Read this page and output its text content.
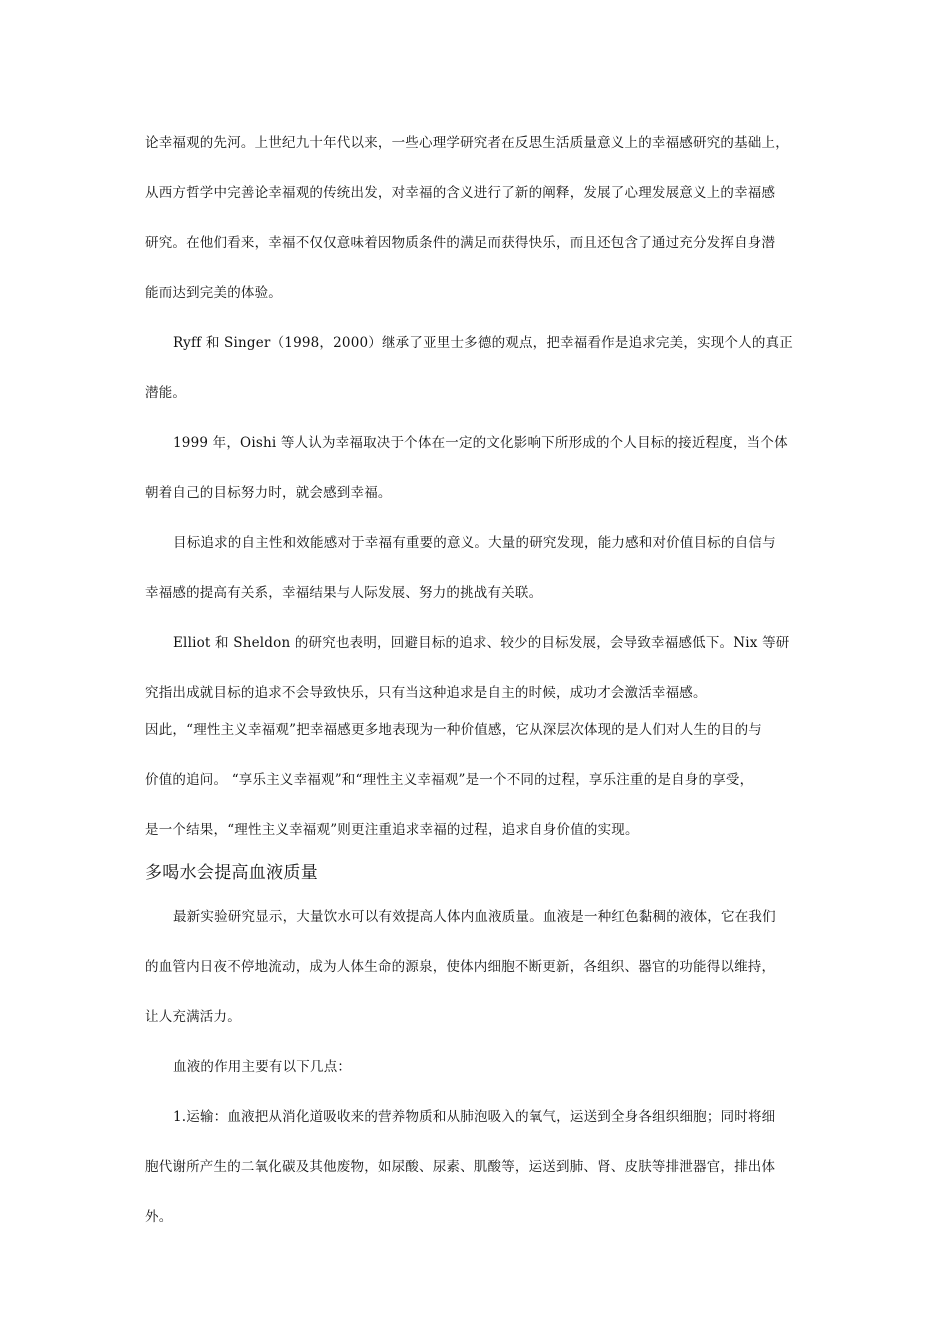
论幸福观的先河。上世纪九十年代以来，一些心理学研究者在反思生活质量意义上的幸福感研究的基础上，
从西方哲学中完善论幸福观的传统出发，对幸福的含义进行了新的阐释，发展了心理发展意义上的幸福感
研究。在他们看来，幸福不仅仅意味着因物质条件的满足而获得快乐，而且还包含了通过充分发挥自身潜
能而达到完美的体验。
Ryff 和 Singer（1998，2000）继承了亚里士多德的观点，把幸福看作是追求完美，实现个人的真正
潜能。
1999 年，Oishi 等人认为幸福取决于个体在一定的文化影响下所形成的个人目标的接近程度，当个体
朝着自己的目标努力时，就会感到幸福。
目标追求的自主性和效能感对于幸福有重要的意义。大量的研究发现，能力感和对价值目标的自信与
幸福感的提高有关系，幸福结果与人际发展、努力的挑战有关联。
Elliot 和 Sheldon 的研究也表明，回避目标的追求、较少的目标发展，会导致幸福感低下。Nix 等研
究指出成就目标的追求不会导致快乐，只有当这种追求是自主的时候，成功才会激活幸福感。
因此，“理性主义幸福观”把幸福感更多地表现为一种价值感，它从深层次体现的是人们对人生的目的与
价值的追问。 “享乐主义幸福观”和“理性主义幸福观”是一个不同的过程，享乐注重的是自身的享受，
是一个结果，“理性主义幸福观”则更注重追求幸福的过程，追求自身价值的实现。
多喝水会提高血液质量
最新实验研究显示，大量饮水可以有效提高人体内血液质量。血液是一种红色黏稠的液体，它在我们
的血管内日夜不停地流动，成为人体生命的源泉，使体内细胞不断更新，各组织、器官的功能得以维持，
让人充满活力。
血液的作用主要有以下几点：
1.运输：血液把从消化道吸收来的营养物质和从肺泡吸入的氧气，运送到全身各组织细胞；同时将细
胞代谢所产生的二氧化碳及其他废物，如尿酸、尿素、肌酸等，运送到肺、肾、皮肤等排泄器官，排出体
外。
